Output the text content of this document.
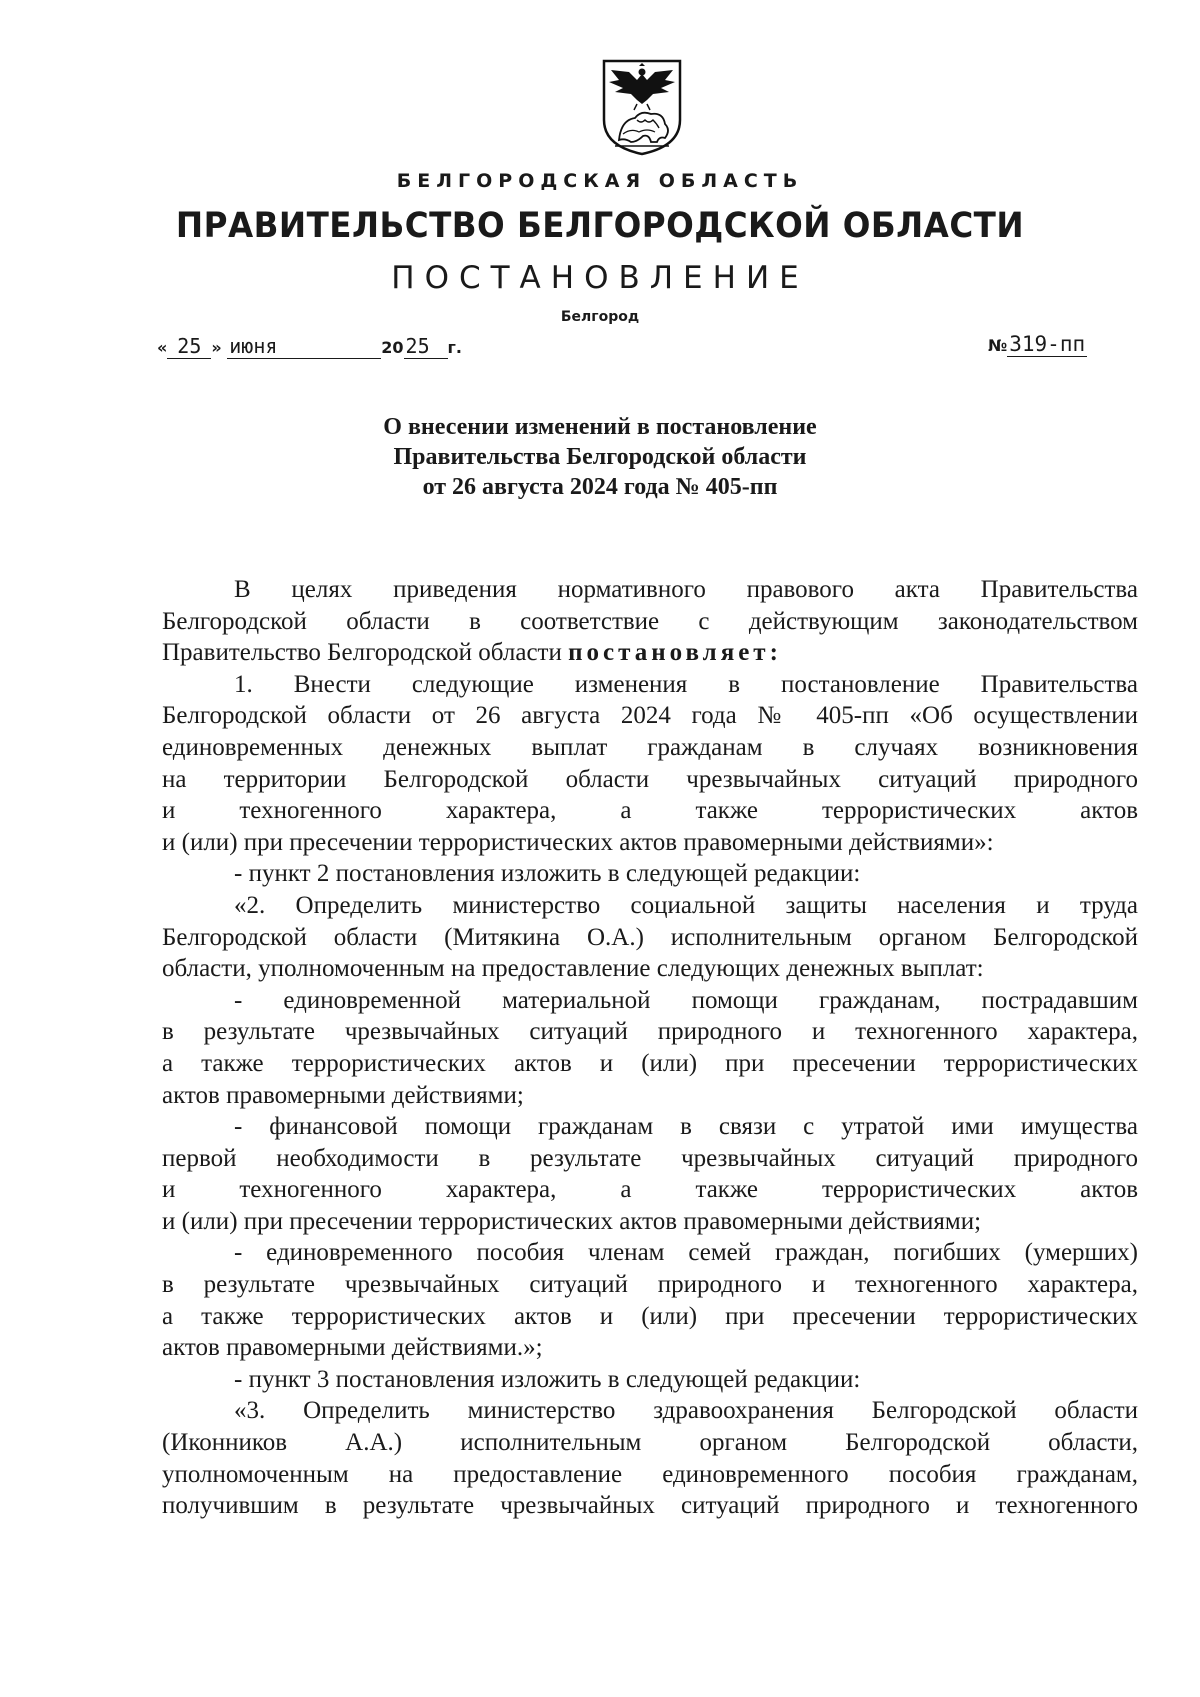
БЕЛГОРОДСКАЯ ОБЛАСТЬ
ПРАВИТЕЛЬСТВО БЕЛГОРОДСКОЙ ОБЛАСТИ
ПОСТАНОВЛЕНИЕ
Белгород
« 25 » июня	20 25 г.	№319-пп
О внесении изменений в постановление
Правительства Белгородской области
от 26 августа 2024 года № 405-пп
В целях приведения нормативного правового акта Правительства
Белгородской области в соответствие с действующим законодательством
Правительство Белгородской области постановляет:
1. Внести следующие изменения в постановление Правительства
Белгородской области от 26 августа 2024 года № 405-пп «Об осуществлении
единовременных денежных выплат гражданам в случаях возникновения
на территории Белгородской области чрезвычайных ситуаций природного
и техногенного характера, а также террористических актов
и (или) при пресечении террористических актов правомерными действиями»:
- пункт 2 постановления изложить в следующей редакции:
«2. Определить министерство социальной защиты населения и труда
Белгородской области (Митякина О.А.) исполнительным органом Белгородской
области, уполномоченным на предоставление следующих денежных выплат:
- единовременной материальной помощи гражданам, пострадавшим
в результате чрезвычайных ситуаций природного и техногенного характера,
а также террористических актов и (или) при пресечении террористических
актов правомерными действиями;
- финансовой помощи гражданам в связи с утратой ими имущества
первой необходимости в результате чрезвычайных ситуаций природного
и техногенного характера, а также террористических актов
и (или) при пресечении террористических актов правомерными действиями;
- единовременного пособия членам семей граждан, погибших (умерших)
в результате чрезвычайных ситуаций природного и техногенного характера,
а также террористических актов и (или) при пресечении террористических
актов правомерными действиями.»;
- пункт 3 постановления изложить в следующей редакции:
«3. Определить министерство здравоохранения Белгородской области
(Иконников А.А.) исполнительным органом Белгородской области,
уполномоченным на предоставление единовременного пособия гражданам,
получившим в результате чрезвычайных ситуаций природного и техногенного
